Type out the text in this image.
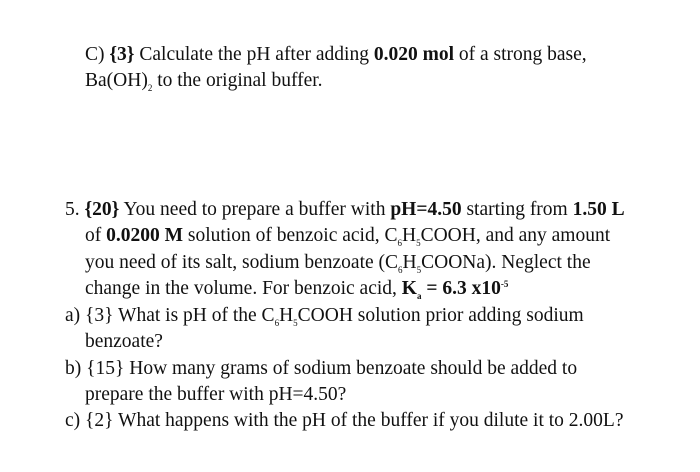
C) {3} Calculate the pH after adding 0.020 mol of a strong base,
$Ba(OH)_2$ to the original buffer.
5. {20} You need to prepare a buffer with pH=4.50 starting from 1.50 L
of 0.0200 M solution of benzoic acid, $C_6H_5COOH$, and any amount
you need of its salt, sodium benzoate $(C_6H_5COONa)$. Neglect the
change in the volume. For benzoic acid, $K_a = 6.3$ $x10^{-5}$
a) {3} What is pH of the $C_6H_5COOH$ solution prior adding sodium
benzoate?
b) {15} How many grams of sodium benzoate should be added to
prepare the buffer with pH=4.50?
c) {2} What happens with the pH of the buffer if you dilute it to 2.00L?
